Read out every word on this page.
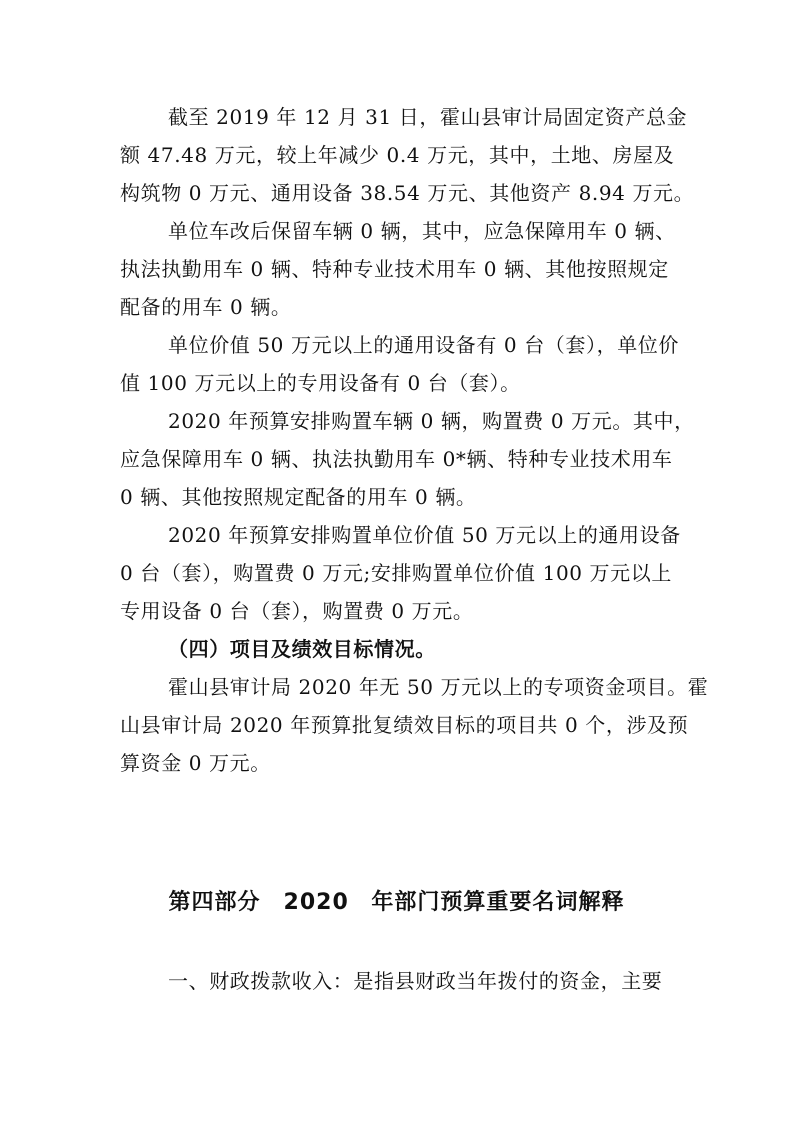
截至 2019 年 12 月 31 日，霍山县审计局固定资产总金
额 47.48 万元，较上年减少 0.4 万元，其中，土地、房屋及
构筑物 0 万元、通用设备 38.54 万元、其他资产 8.94 万元。
单位车改后保留车辆 0 辆，其中，应急保障用车 0 辆、
执法执勤用车 0 辆、特种专业技术用车 0 辆、其他按照规定
配备的用车 0 辆。
单位价值 50 万元以上的通用设备有 0 台（套），单位价
值 100 万元以上的专用设备有 0 台（套）。
2020 年预算安排购置车辆 0 辆，购置费 0 万元。其中，
应急保障用车 0 辆、执法执勤用车 0*辆、特种专业技术用车
0 辆、其他按照规定配备的用车 0 辆。
2020 年预算安排购置单位价值 50 万元以上的通用设备
0 台（套），购置费 0 万元;安排购置单位价值 100 万元以上
专用设备 0 台（套），购置费 0 万元。
（四）项目及绩效目标情况。
霍山县审计局 2020 年无 50 万元以上的专项资金项目。霍
山县审计局 2020 年预算批复绩效目标的项目共 0 个，涉及预
算资金 0 万元。
第四部分　2020 年部门预算重要名词解释
一、财政拨款收入：是指县财政当年拨付的资金，主要
